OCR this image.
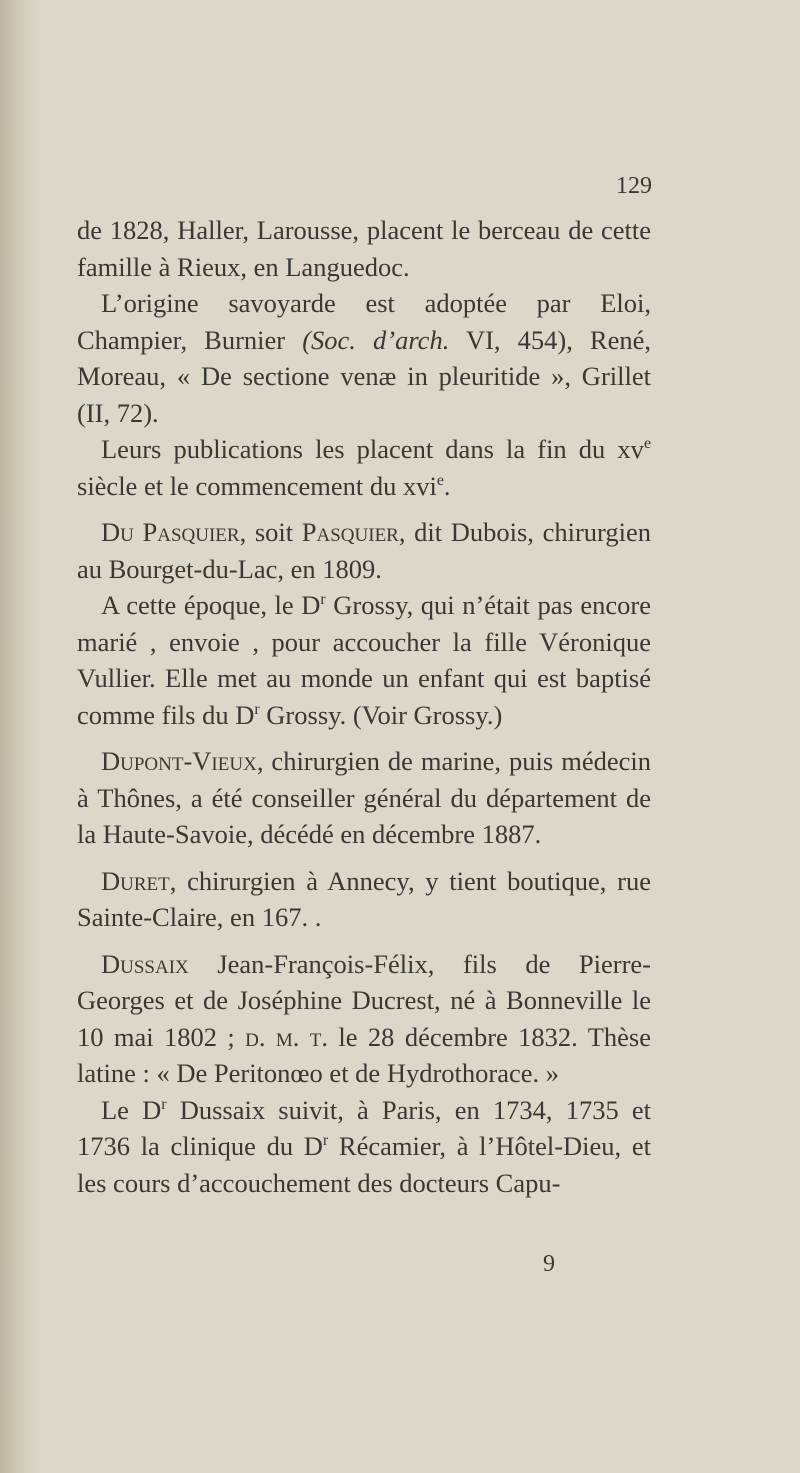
129

de 1828, Haller, Larousse, placent le berceau de cette famille à Rieux, en Languedoc.

L’origine savoyarde est adoptée par Eloi, Champier, Burnier (Soc. d’arch. VI, 454), René, Moreau, « De sectione venæ in pleuritide », Grillet (II, 72).

Leurs publications les placent dans la fin du $xv^e$ siècle et le commencement du xvi$^e$.

Du Pasquier, soit Pasquier, dit Dubois, chirurgien au Bourget-du-Lac, en 1809.

A cette époque, le $D^r$ Grossy, qui n’était pas encore marié , envoie , pour accoucher la fille Véronique Vullier. Elle met au monde un enfant qui est baptisé comme fils du $D^r$ Grossy. (Voir Grossy.)

Dupont-Vieux, chirurgien de marine, puis médecin à Thônes, a été conseiller général du département de la Haute-Savoie, décédé en décembre 1887.

Duret, chirurgien à Annecy, y tient boutique, rue Sainte-Claire, en 167. .

Dussaix Jean-François-Félix, fils de Pierre-Georges et de Joséphine Ducrest, né à Bonneville le 10 mai 1802 ; d. m. t. le 28 décembre 1832. Thèse latine : « De Peritonœo et de Hydrothorace. »

Le $D^r$ Dussaix suivit, à Paris, en 1734, 1735 et 1736 la clinique du $D^r$ Récamier, à l’Hôtel-Dieu, et les cours d’accouchement des docteurs Capu-

9
